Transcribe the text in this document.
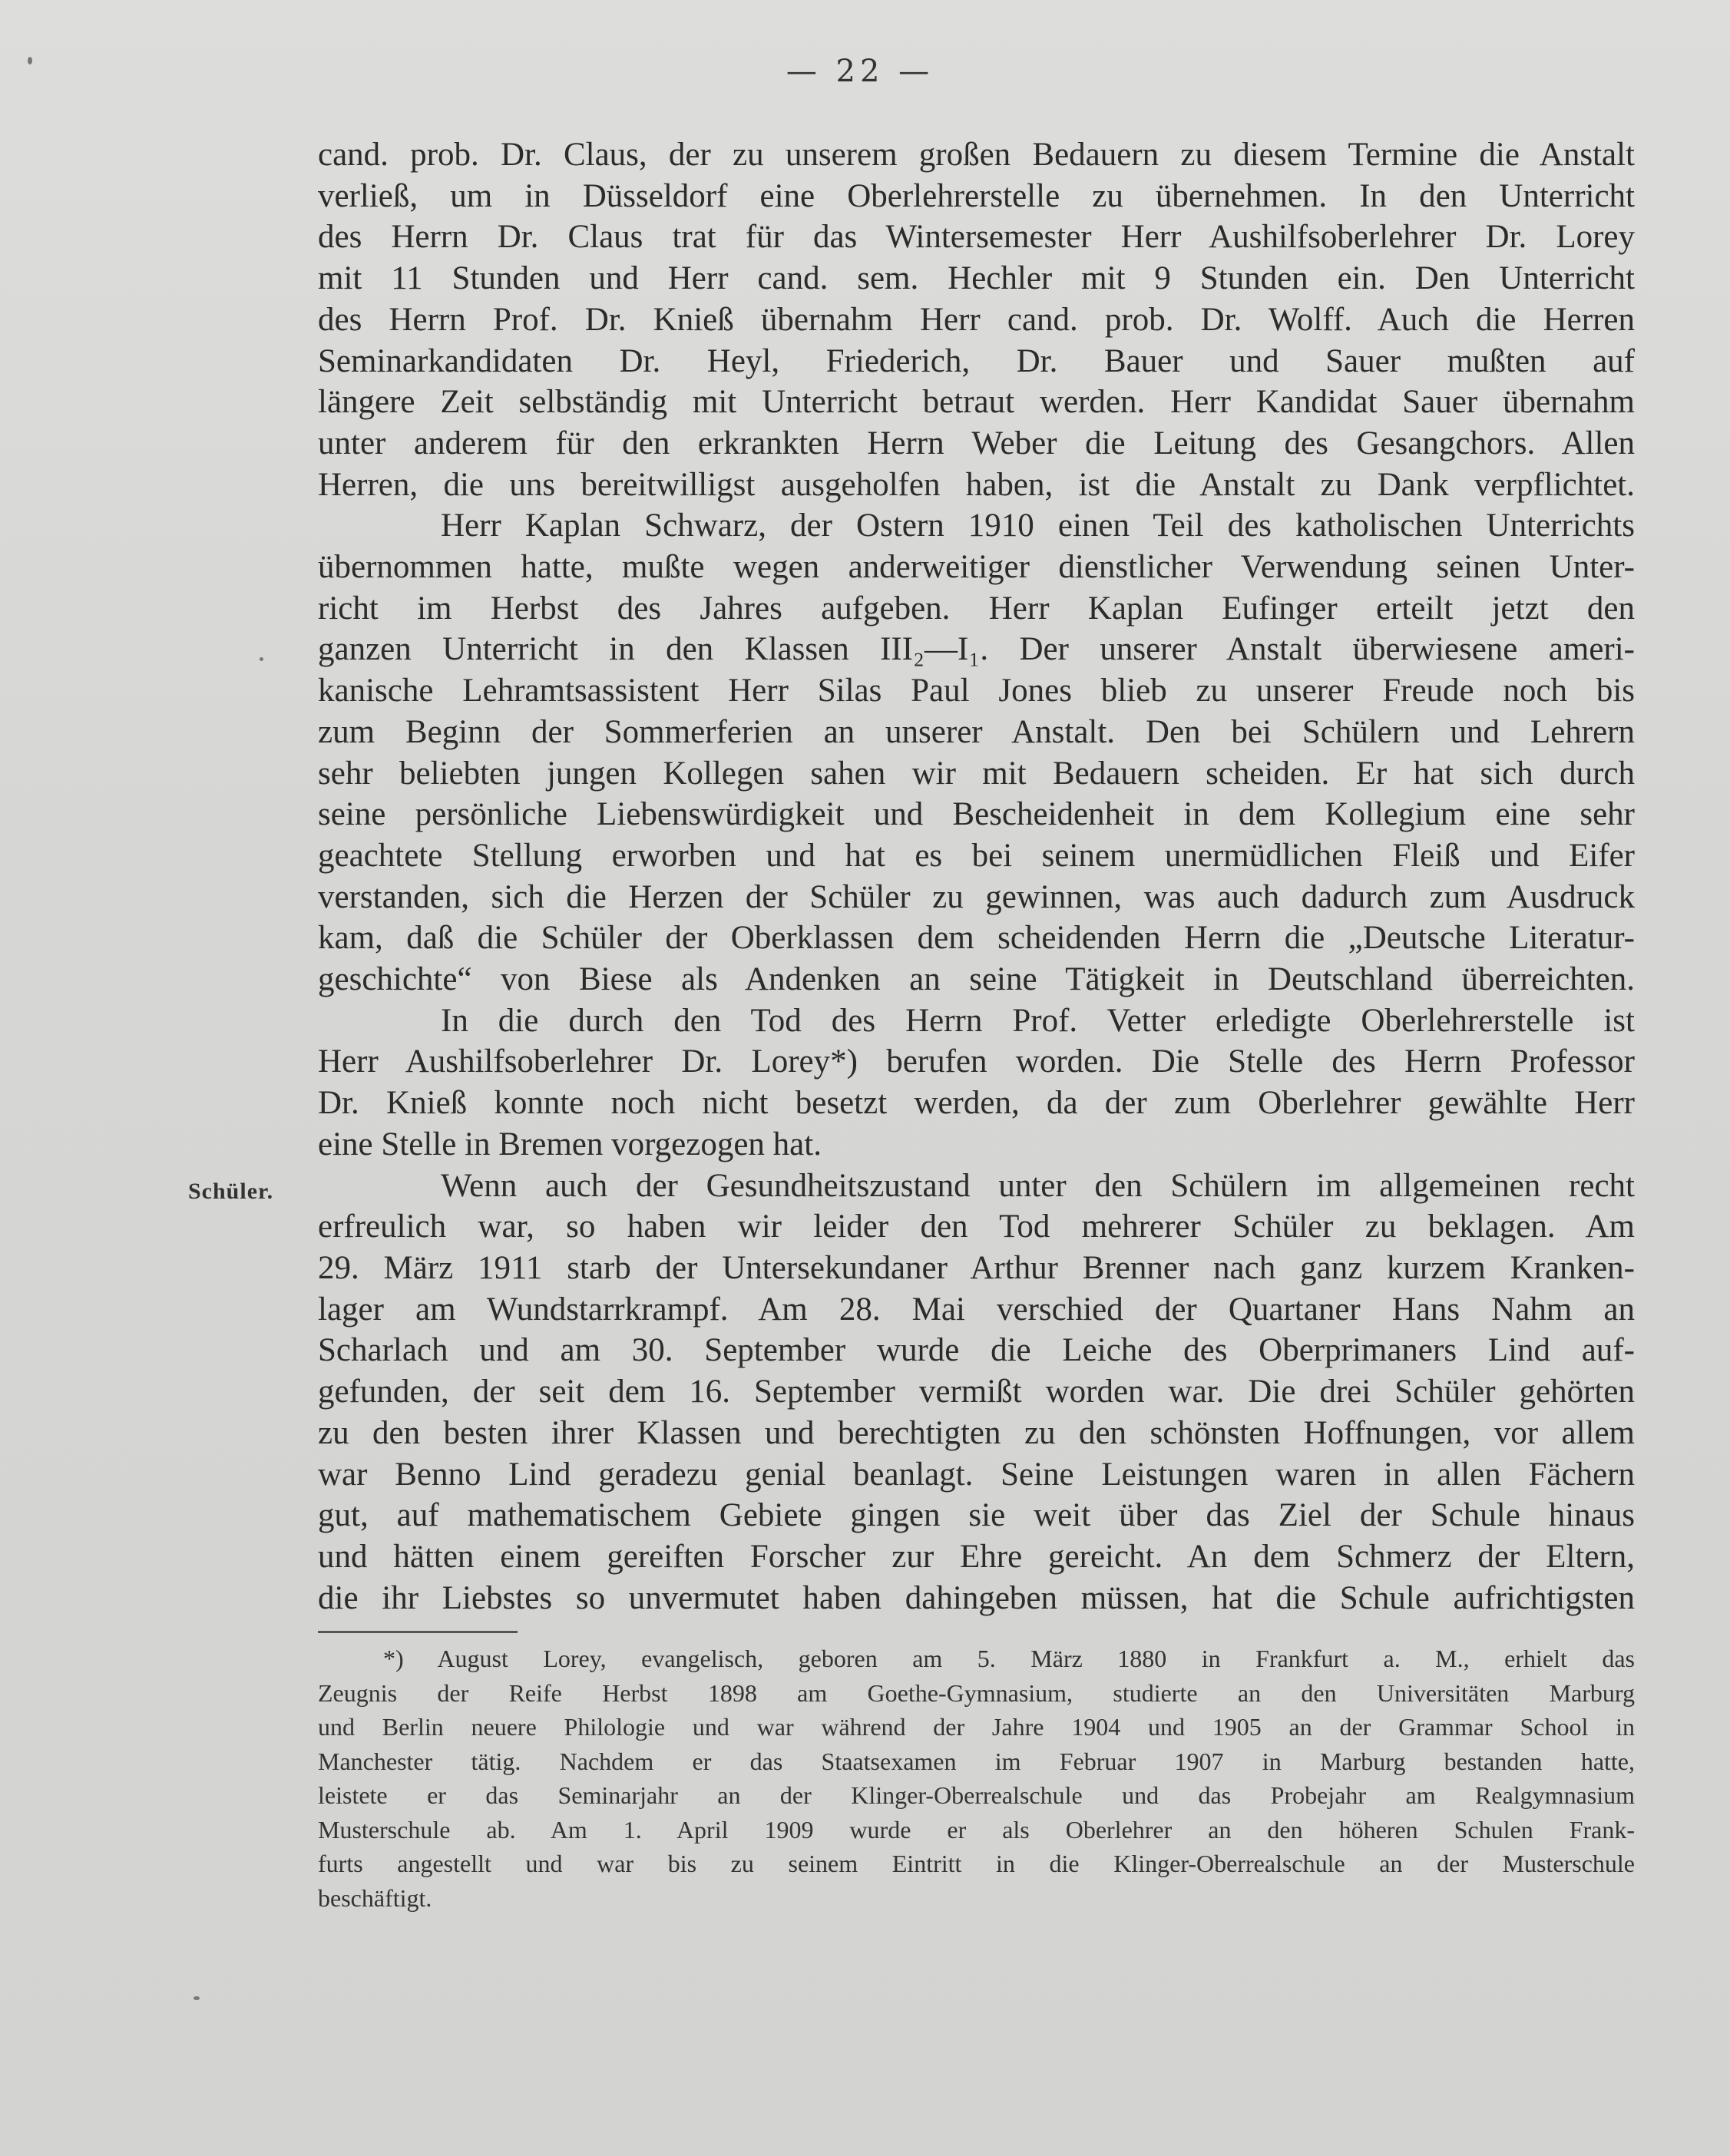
— 22 —
Schüler.
cand. prob. Dr. Claus, der zu unserem großen Bedauern zu diesem Termine die Anstalt
verließ, um in Düsseldorf eine Oberlehrerstelle zu übernehmen. In den Unterricht
des Herrn Dr. Claus trat für das Wintersemester Herr Aushilfsoberlehrer Dr. Lorey
mit 11 Stunden und Herr cand. sem. Hechler mit 9 Stunden ein. Den Unterricht
des Herrn Prof. Dr. Knieß übernahm Herr cand. prob. Dr. Wolff. Auch die Herren
Seminarkandidaten Dr. Heyl, Friederich, Dr. Bauer und Sauer mußten auf
längere Zeit selbständig mit Unterricht betraut werden. Herr Kandidat Sauer übernahm
unter anderem für den erkrankten Herrn Weber die Leitung des Gesangchors. Allen
Herren, die uns bereitwilligst ausgeholfen haben, ist die Anstalt zu Dank verpflichtet.
Herr Kaplan Schwarz, der Ostern 1910 einen Teil des katholischen Unterrichts
übernommen hatte, mußte wegen anderweitiger dienstlicher Verwendung seinen Unter-
richt im Herbst des Jahres aufgeben. Herr Kaplan Eufinger erteilt jetzt den
ganzen Unterricht in den Klassen III₂—I₁. Der unserer Anstalt überwiesene ameri-
kanische Lehramtsassistent Herr Silas Paul Jones blieb zu unserer Freude noch bis
zum Beginn der Sommerferien an unserer Anstalt. Den bei Schülern und Lehrern
sehr beliebten jungen Kollegen sahen wir mit Bedauern scheiden. Er hat sich durch
seine persönliche Liebenswürdigkeit und Bescheidenheit in dem Kollegium eine sehr
geachtete Stellung erworben und hat es bei seinem unermüdlichen Fleiß und Eifer
verstanden, sich die Herzen der Schüler zu gewinnen, was auch dadurch zum Ausdruck
kam, daß die Schüler der Oberklassen dem scheidenden Herrn die „Deutsche Literatur-
geschichte“ von Biese als Andenken an seine Tätigkeit in Deutschland überreichten.
In die durch den Tod des Herrn Prof. Vetter erledigte Oberlehrerstelle ist
Herr Aushilfsoberlehrer Dr. Lorey*) berufen worden. Die Stelle des Herrn Professor
Dr. Knieß konnte noch nicht besetzt werden, da der zum Oberlehrer gewählte Herr
eine Stelle in Bremen vorgezogen hat.
Wenn auch der Gesundheitszustand unter den Schülern im allgemeinen recht
erfreulich war, so haben wir leider den Tod mehrerer Schüler zu beklagen. Am
29. März 1911 starb der Untersekundaner Arthur Brenner nach ganz kurzem Kranken-
lager am Wundstarrkrampf. Am 28. Mai verschied der Quartaner Hans Nahm an
Scharlach und am 30. September wurde die Leiche des Oberprimaners Lind auf-
gefunden, der seit dem 16. September vermißt worden war. Die drei Schüler gehörten
zu den besten ihrer Klassen und berechtigten zu den schönsten Hoffnungen, vor allem
war Benno Lind geradezu genial beanlagt. Seine Leistungen waren in allen Fächern
gut, auf mathematischem Gebiete gingen sie weit über das Ziel der Schule hinaus
und hätten einem gereiften Forscher zur Ehre gereicht. An dem Schmerz der Eltern,
die ihr Liebstes so unvermutet haben dahingeben müssen, hat die Schule aufrichtigsten
*) August Lorey, evangelisch, geboren am 5. März 1880 in Frankfurt a. M., erhielt das
Zeugnis der Reife Herbst 1898 am Goethe-Gymnasium, studierte an den Universitäten Marburg
und Berlin neuere Philologie und war während der Jahre 1904 und 1905 an der Grammar School in
Manchester tätig. Nachdem er das Staatsexamen im Februar 1907 in Marburg bestanden hatte,
leistete er das Seminarjahr an der Klinger-Oberrealschule und das Probejahr am Realgymnasium
Musterschule ab. Am 1. April 1909 wurde er als Oberlehrer an den höheren Schulen Frank-
furts angestellt und war bis zu seinem Eintritt in die Klinger-Oberrealschule an der Musterschule
beschäftigt.
